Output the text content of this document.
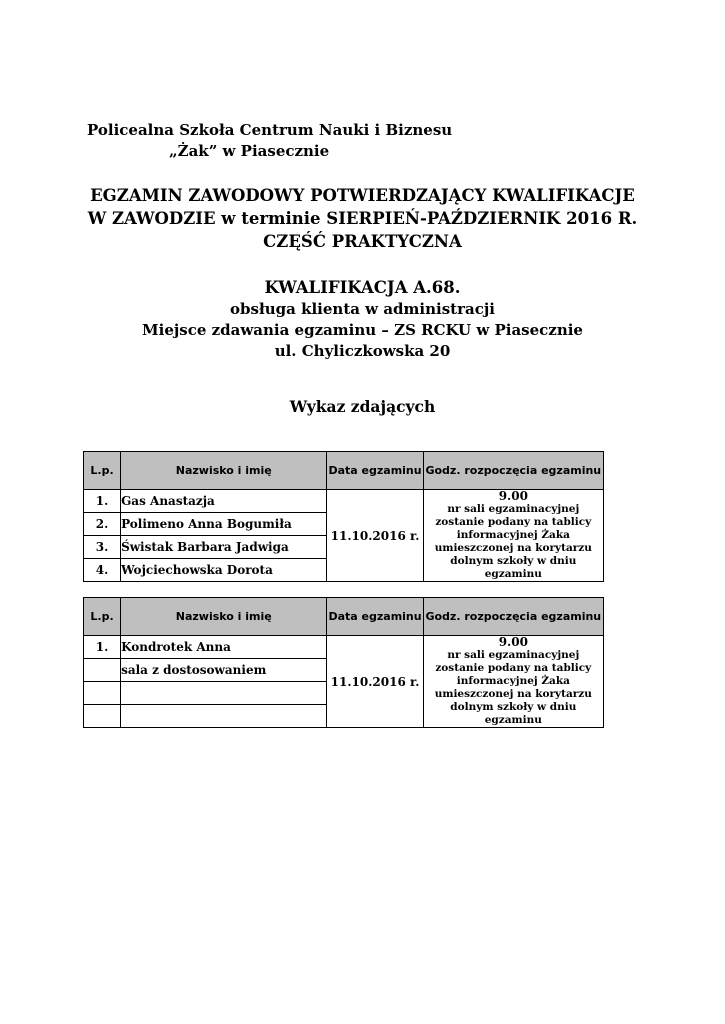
Policealna Szkoła Centrum Nauki i Biznesu
„Żak” w Piasecznie
EGZAMIN ZAWODOWY POTWIERDZAJĄCY KWALIFIKACJE
W ZAWODZIE w terminie SIERPIEŃ-PAŹDZIERNIK 2016 R.
CZĘŚĆ PRAKTYCZNA
KWALIFIKACJA A.68.
obsługa klienta w administracji
Miejsce zdawania egzaminu – ZS RCKU w Piasecznie
ul. Chyliczkowska 20
Wykaz zdających
L.p.	Nazwisko i imię	Data egzaminu	Godz. rozpoczęcia egzaminu
1.	Gas Anastazja	11.10.2016 r.	9.00
nr sali egzaminacyjnej zostanie podany na tablicy informacyjnej Żaka umieszczonej na korytarzu dolnym szkoły w dniu egzaminu
2.	Polimeno Anna Bogumiła		
3.	Świstak Barbara Jadwiga		
4.	Wojciechowska Dorota		
L.p.	Nazwisko i imię	Data egzaminu	Godz. rozpoczęcia egzaminu
1.	Kondrotek Anna	11.10.2016 r.	9.00
nr sali egzaminacyjnej zostanie podany na tablicy informacyjnej Żaka umieszczonej na korytarzu dolnym szkoły w dniu egzaminu
	sala z dostosowaniem		
